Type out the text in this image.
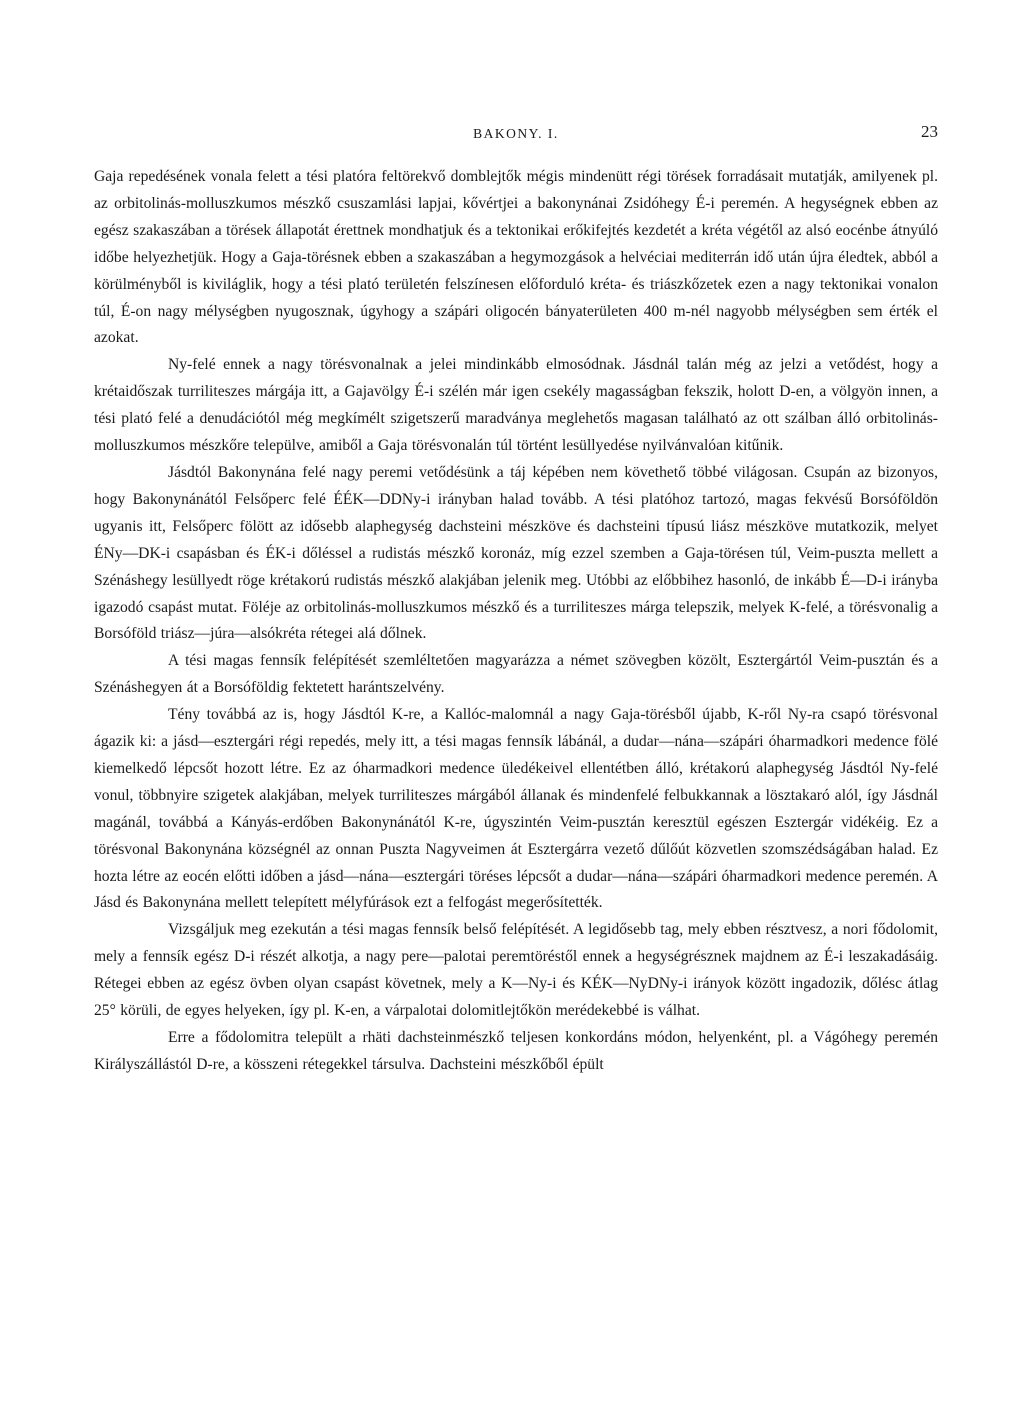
BAKONY. I.	23

Gaja repedésének vonala felett a tési platóra feltörekvő domblejtők mégis mindenütt régi törések forradásait mutatják, amilyenek pl. az orbitolinás-molluszkumos mészkő csuszamlási lapjai, kővértjei a bakonynánai Zsidóhegy É-i peremén. A hegységnek ebben az egész szakaszában a törések állapotát érettnek mondhatjuk és a tektonikai erőkifejtés kezdetét a kréta végétől az alsó eocénbe átnyúló időbe helyezhetjük. Hogy a Gaja-törésnek ebben a szakaszában a hegymozgások a helvéciai mediterrán idő után újra éledtek, abból a körülményből is kiviláglik, hogy a tési plató területén felszínesen előforduló kréta- és triászkőzetek ezen a nagy tektonikai vonalon túl, É-on nagy mélységben nyugosznak, úgyhogy a szápári oligocén bányaterületen 400 m-nél nagyobb mélységben sem érték el azokat.

Ny-felé ennek a nagy törésvonalnak a jelei mindinkább elmosódnak. Jásdnál talán még az jelzi a vetődést, hogy a krétaidőszak turriliteszes márgája itt, a Gajavölgy É-i szélén már igen csekély magasságban fekszik, holott D-en, a völgyön innen, a tési plató felé a denudációtól még megkímélt szigetszerű maradványa meglehetős magasan található az ott szálban álló orbitolinás-molluszkumos mészkőre települve, amiből a Gaja törésvonalán túl történt lesüllyedése nyilvánvalóan kitűnik.

Jásdtól Bakonynána felé nagy peremi vetődésünk a táj képében nem követhető többé világosan. Csupán az bizonyos, hogy Bakonynánától Felsőperc felé ÉÉK—DDNy-i irányban halad tovább. A tési platóhoz tartozó, magas fekvésű Borsóföldön ugyanis itt, Felsőperc fölött az idősebb alaphegység dachsteini mészköve és dachsteini típusú liász mészköve mutatkozik, melyet ÉNy—DK-i csapásban és ÉK-i dőléssel a rudistás mészkő koronáz, míg ezzel szemben a Gaja-törésen túl, Veim-puszta mellett a Szénáshegy lesüllyedt röge krétakorú rudistás mészkő alakjában jelenik meg. Utóbbi az előbbihez hasonló, de inkább É—D-i irányba igazodó csapást mutat. Föléje az orbitolinás-molluszkumos mészkő és a turriliteszes márga telepszik, melyek K-felé, a törésvonalig a Borsóföld triász—júra—alsókréta rétegei alá dőlnek.

A tési magas fennsík felépítését szemléltetően magyarázza a német szövegben közölt, Esztergártól Veim-pusztán és a Szénáshegyen át a Borsóföldig fektetett harántszelvény.

Tény továbbá az is, hogy Jásdtól K-re, a Kallóc-malomnál a nagy Gaja-törésből újabb, K-ről Ny-ra csapó törésvonal ágazik ki: a jásd—esztergári régi repedés, mely itt, a tési magas fennsík lábánál, a dudar—nána—szápári óharmadkori medence fölé kiemelkedő lépcsőt hozott létre. Ez az óharmadkori medence üledékeivel ellentétben álló, krétakorú alaphegység Jásdtól Ny-felé vonul, többnyire szigetek alakjában, melyek turriliteszes márgából állanak és mindenfelé felbukkannak a lösztakaró alól, így Jásdnál magánál, továbbá a Kányás-erdőben Bakonynánától K-re, úgyszintén Veim-pusztán keresztül egészen Esztergár vidékéig. Ez a törésvonal Bakonynána községnél az onnan Puszta Nagyveimen át Esztergárra vezető dűlőút közvetlen szomszédságában halad. Ez hozta létre az eocén előtti időben a jásd—nána—esztergári töréses lépcsőt a dudar—nána—szápári óharmadkori medence peremén. A Jásd és Bakonynána mellett telepített mélyfúrások ezt a felfogást megerősítették.

Vizsgáljuk meg ezekután a tési magas fennsík belső felépítését. A legidősebb tag, mely ebben résztvesz, a nori fődolomit, mely a fennsík egész D-i részét alkotja, a nagy pere—palotai peremtöréstől ennek a hegységrésznek majdnem az É-i leszakadásáig. Rétegei ebben az egész övben olyan csapást követnek, mely a K—Ny-i és KÉK—NyDNy-i irányok között ingadozik, dőlésc átlag 25° körüli, de egyes helyeken, így pl. K-en, a várpalotai dolomitlejtőkön merédekebbé is válhat.

Erre a fődolomitra települt a rhäti dachsteinmészkő teljesen konkordáns módon, helyenként, pl. a Vágóhegy peremén Királyszállástól D-re, a kösszeni rétegekkel társulva. Dachsteini mészkőből épült
